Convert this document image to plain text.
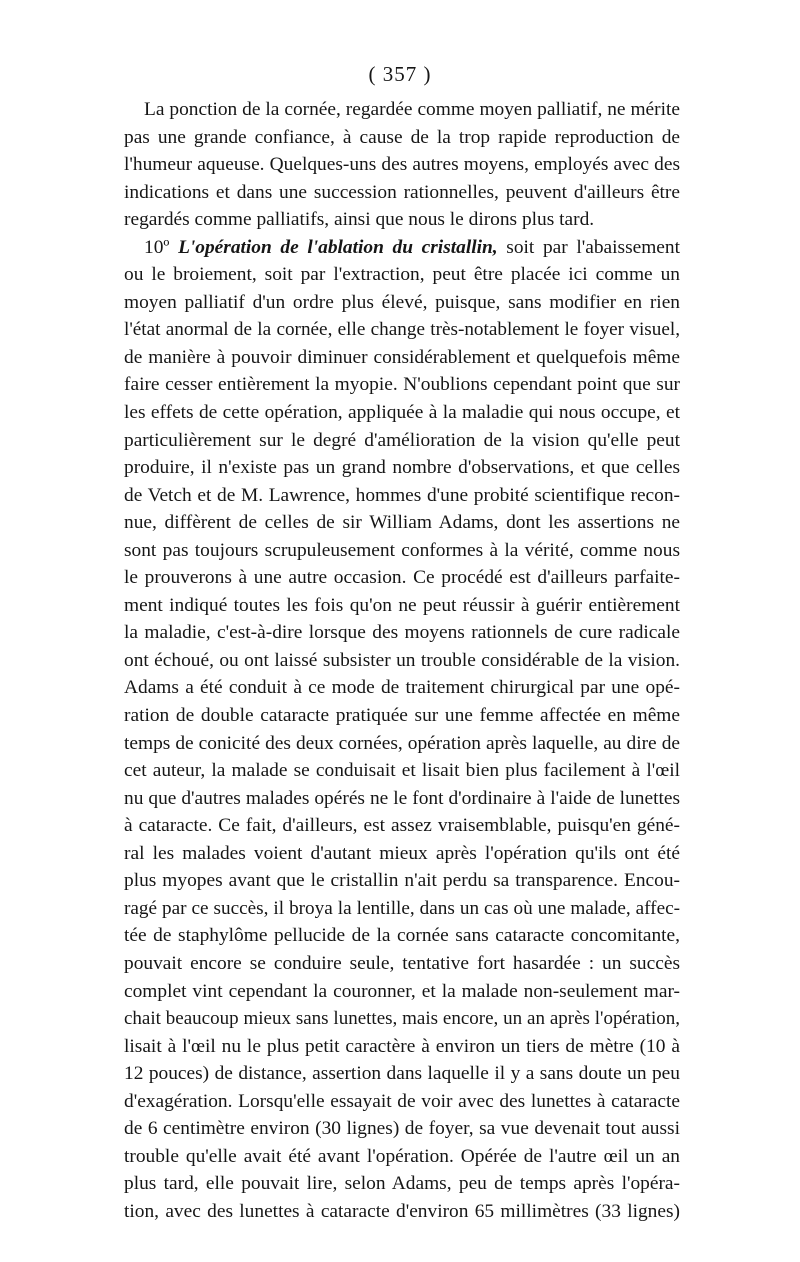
( 357 )
La ponction de la cornée, regardée comme moyen palliatif, ne mérite
pas une grande confiance, à cause de la trop rapide reproduction de
l'humeur aqueuse. Quelques-uns des autres moyens, employés avec des
indications et dans une succession rationnelles, peuvent d'ailleurs être
regardés comme palliatifs, ainsi que nous le dirons plus tard.
10º L'opération de l'ablation du cristallin, soit par l'abaissement
ou le broiement, soit par l'extraction, peut être placée ici comme un
moyen palliatif d'un ordre plus élevé, puisque, sans modifier en rien
l'état anormal de la cornée, elle change très-notablement le foyer visuel,
de manière à pouvoir diminuer considérablement et quelquefois même
faire cesser entièrement la myopie. N'oublions cependant point que sur
les effets de cette opération, appliquée à la maladie qui nous occupe, et
particulièrement sur le degré d'amélioration de la vision qu'elle peut
produire, il n'existe pas un grand nombre d'observations, et que celles
de Vetch et de M. Lawrence, hommes d'une probité scientifique recon-
nue, diffèrent de celles de sir William Adams, dont les assertions ne
sont pas toujours scrupuleusement conformes à la vérité, comme nous
le prouverons à une autre occasion. Ce procédé est d'ailleurs parfaite-
ment indiqué toutes les fois qu'on ne peut réussir à guérir entièrement
la maladie, c'est-à-dire lorsque des moyens rationnels de cure radicale
ont échoué, ou ont laissé subsister un trouble considérable de la vision.
Adams a été conduit à ce mode de traitement chirurgical par une opé-
ration de double cataracte pratiquée sur une femme affectée en même
temps de conicité des deux cornées, opération après laquelle, au dire de
cet auteur, la malade se conduisait et lisait bien plus facilement à l'œil
nu que d'autres malades opérés ne le font d'ordinaire à l'aide de lunettes
à cataracte. Ce fait, d'ailleurs, est assez vraisemblable, puisqu'en géné-
ral les malades voient d'autant mieux après l'opération qu'ils ont été
plus myopes avant que le cristallin n'ait perdu sa transparence. Encou-
ragé par ce succès, il broya la lentille, dans un cas où une malade, affec-
tée de staphylôme pellucide de la cornée sans cataracte concomitante,
pouvait encore se conduire seule, tentative fort hasardée : un succès
complet vint cependant la couronner, et la malade non-seulement mar-
chait beaucoup mieux sans lunettes, mais encore, un an après l'opération,
lisait à l'œil nu le plus petit caractère à environ un tiers de mètre (10 à
12 pouces) de distance, assertion dans laquelle il y a sans doute un peu
d'exagération. Lorsqu'elle essayait de voir avec des lunettes à cataracte
de 6 centimètre environ (30 lignes) de foyer, sa vue devenait tout aussi
trouble qu'elle avait été avant l'opération. Opérée de l'autre œil un an
plus tard, elle pouvait lire, selon Adams, peu de temps après l'opéra-
tion, avec des lunettes à cataracte d'environ 65 millimètres (33 lignes)
